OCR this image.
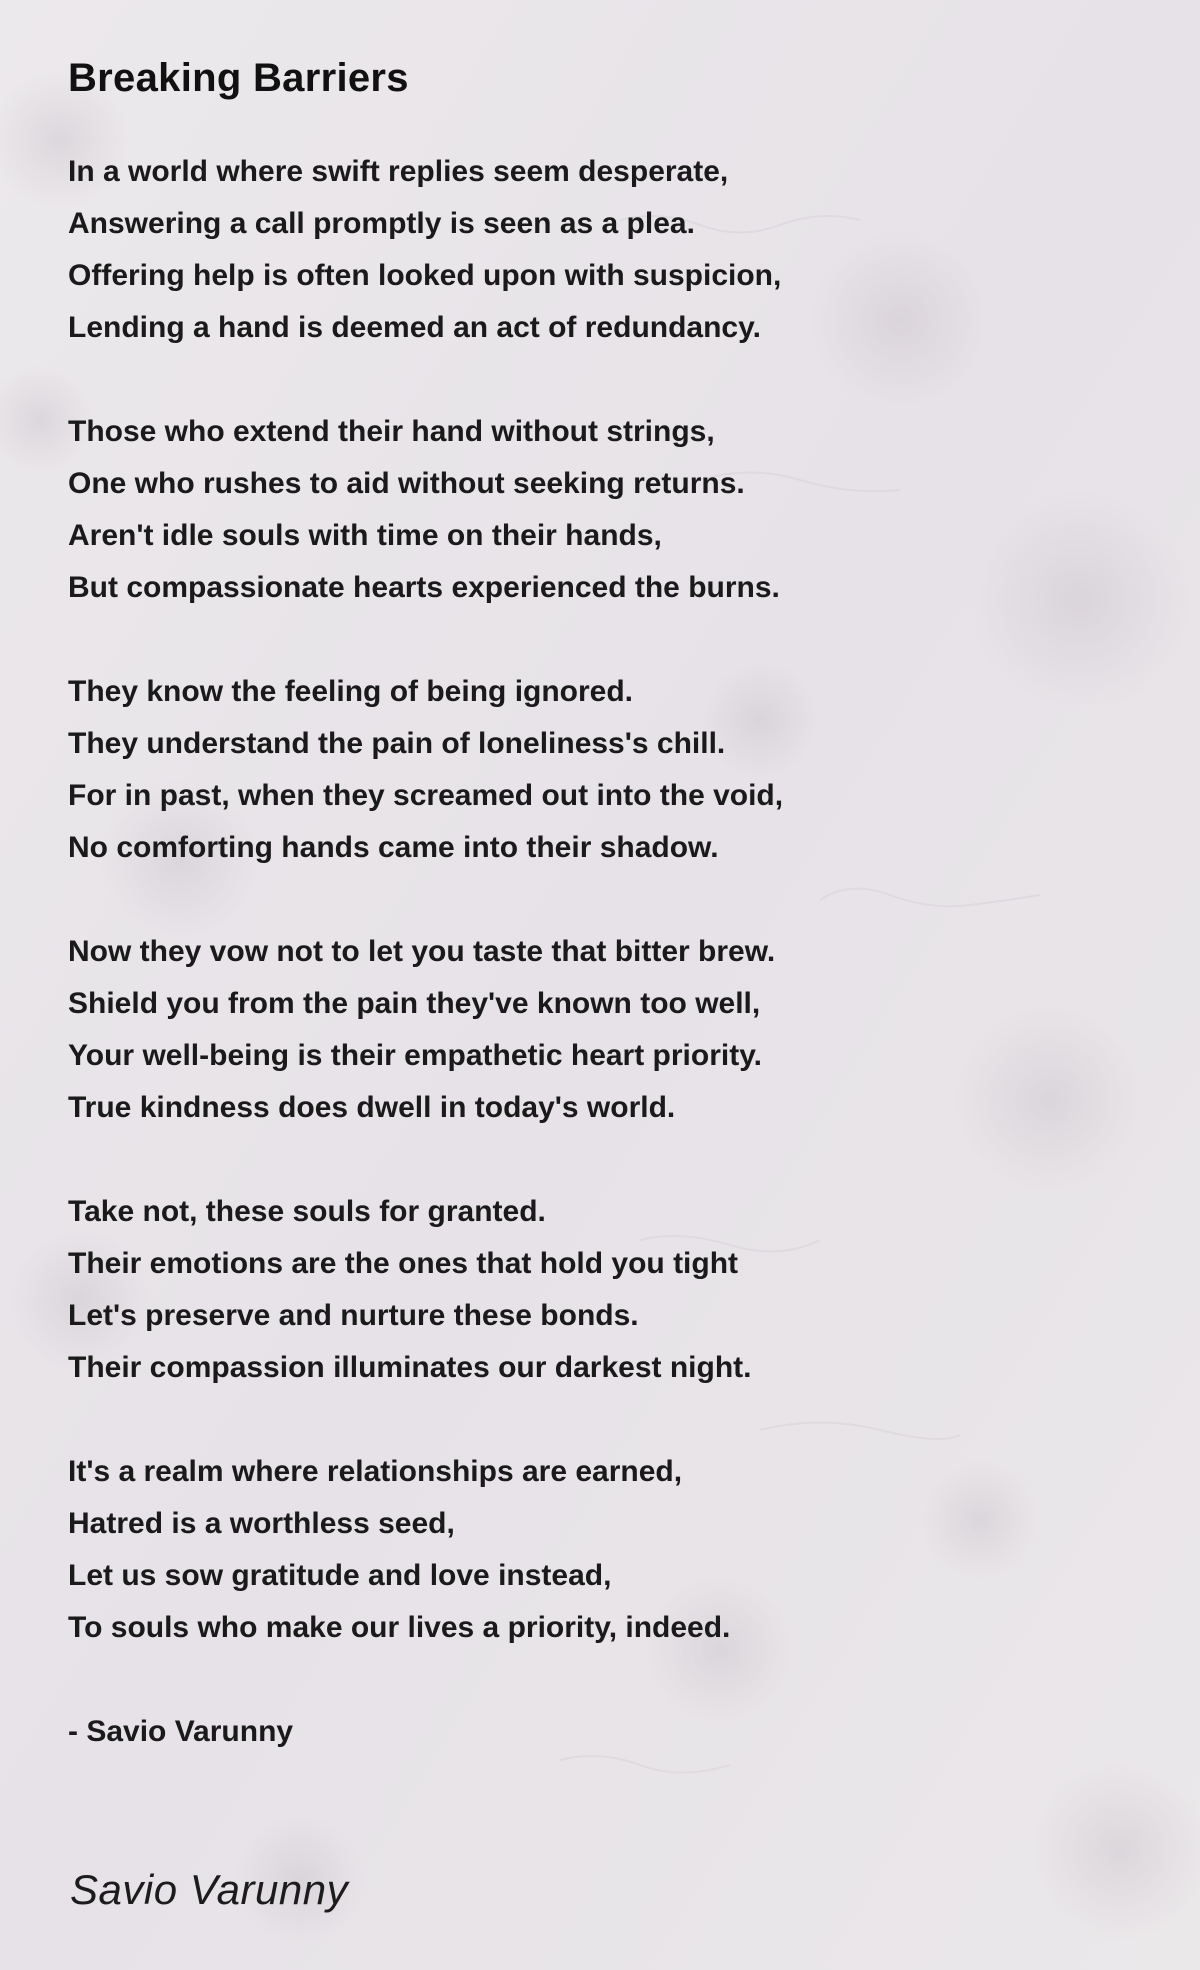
Breaking Barriers
In a world where swift replies seem desperate,
Answering a call promptly is seen as a plea.
Offering help is often looked upon with suspicion,
Lending a hand is deemed an act of redundancy.
Those who extend their hand without strings,
One who rushes to aid without seeking returns.
Aren't idle souls with time on their hands,
But compassionate hearts experienced the burns.
They know the feeling of being ignored.
They understand the pain of loneliness's chill.
For in past, when they screamed out into the void,
No comforting hands came into their shadow.
Now they vow not to let you taste that bitter brew.
Shield you from the pain they've known too well,
Your well-being is their empathetic heart priority.
True kindness does dwell in today's world.
Take not, these souls for granted.
Their emotions are the ones that hold you tight
Let's preserve and nurture these bonds.
Their compassion illuminates our darkest night.
It's a realm where relationships are earned,
Hatred is a worthless seed,
Let us sow gratitude and love instead,
To souls who make our lives a priority, indeed.
- Savio Varunny
Savio Varunny
